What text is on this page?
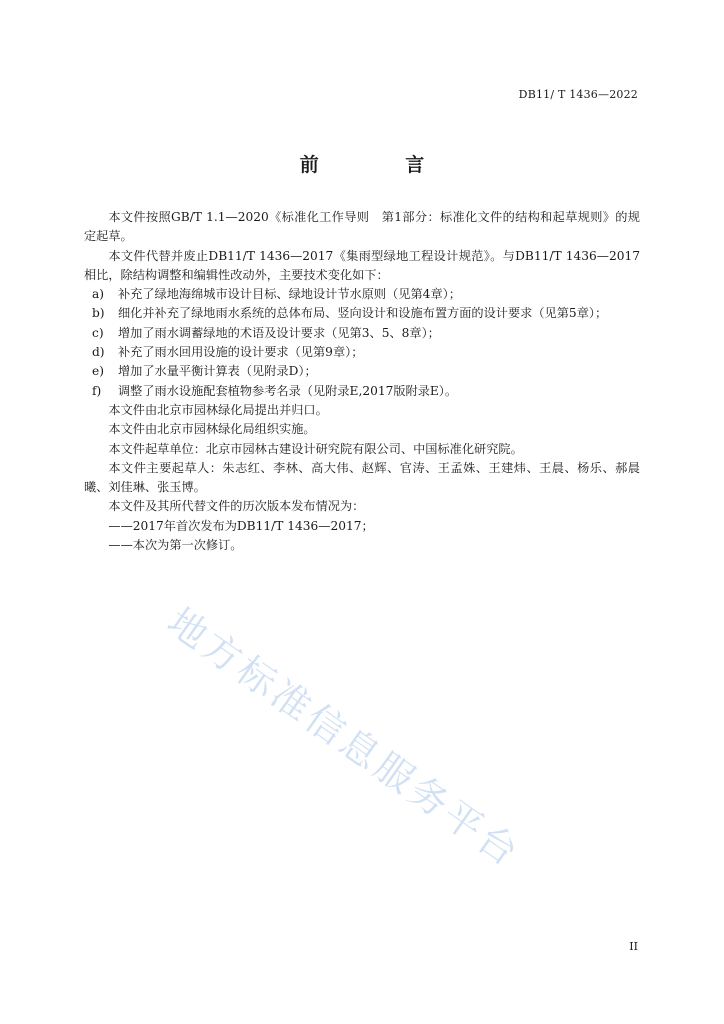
DB11/ T 1436—2022
前 言

本文件按照GB/T 1.1—2020《标准化工作导则　第1部分：标准化文件的结构和起草规则》的规定起草。

本文件代替并废止DB11/T 1436—2017《集雨型绿地工程设计规范》。与DB11/T 1436—2017相比，除结构调整和编辑性改动外，主要技术变化如下：

a)	补充了绿地海绵城市设计目标、绿地设计节水原则（见第4章）；
b)	细化并补充了绿地雨水系统的总体布局、竖向设计和设施布置方面的设计要求（见第5章）；
c)	增加了雨水调蓄绿地的术语及设计要求（见第3、5、8章）；
d)	补充了雨水回用设施的设计要求（见第9章）；
e)	增加了水量平衡计算表（见附录D）；
f)	调整了雨水设施配套植物参考名录（见附录E,2017版附录E）。

本文件由北京市园林绿化局提出并归口。

本文件由北京市园林绿化局组织实施。

本文件起草单位：北京市园林古建设计研究院有限公司、中国标准化研究院。

本文件主要起草人：朱志红、李林、高大伟、赵辉、官涛、王孟姝、王建炜、王晨、杨乐、郝晨曦、刘佳琳、张玉博。

本文件及其所代替文件的历次版本发布情况为：

——2017年首次发布为DB11/T 1436—2017；

——本次为第一次修订。

地方标准信息服务平台
II
